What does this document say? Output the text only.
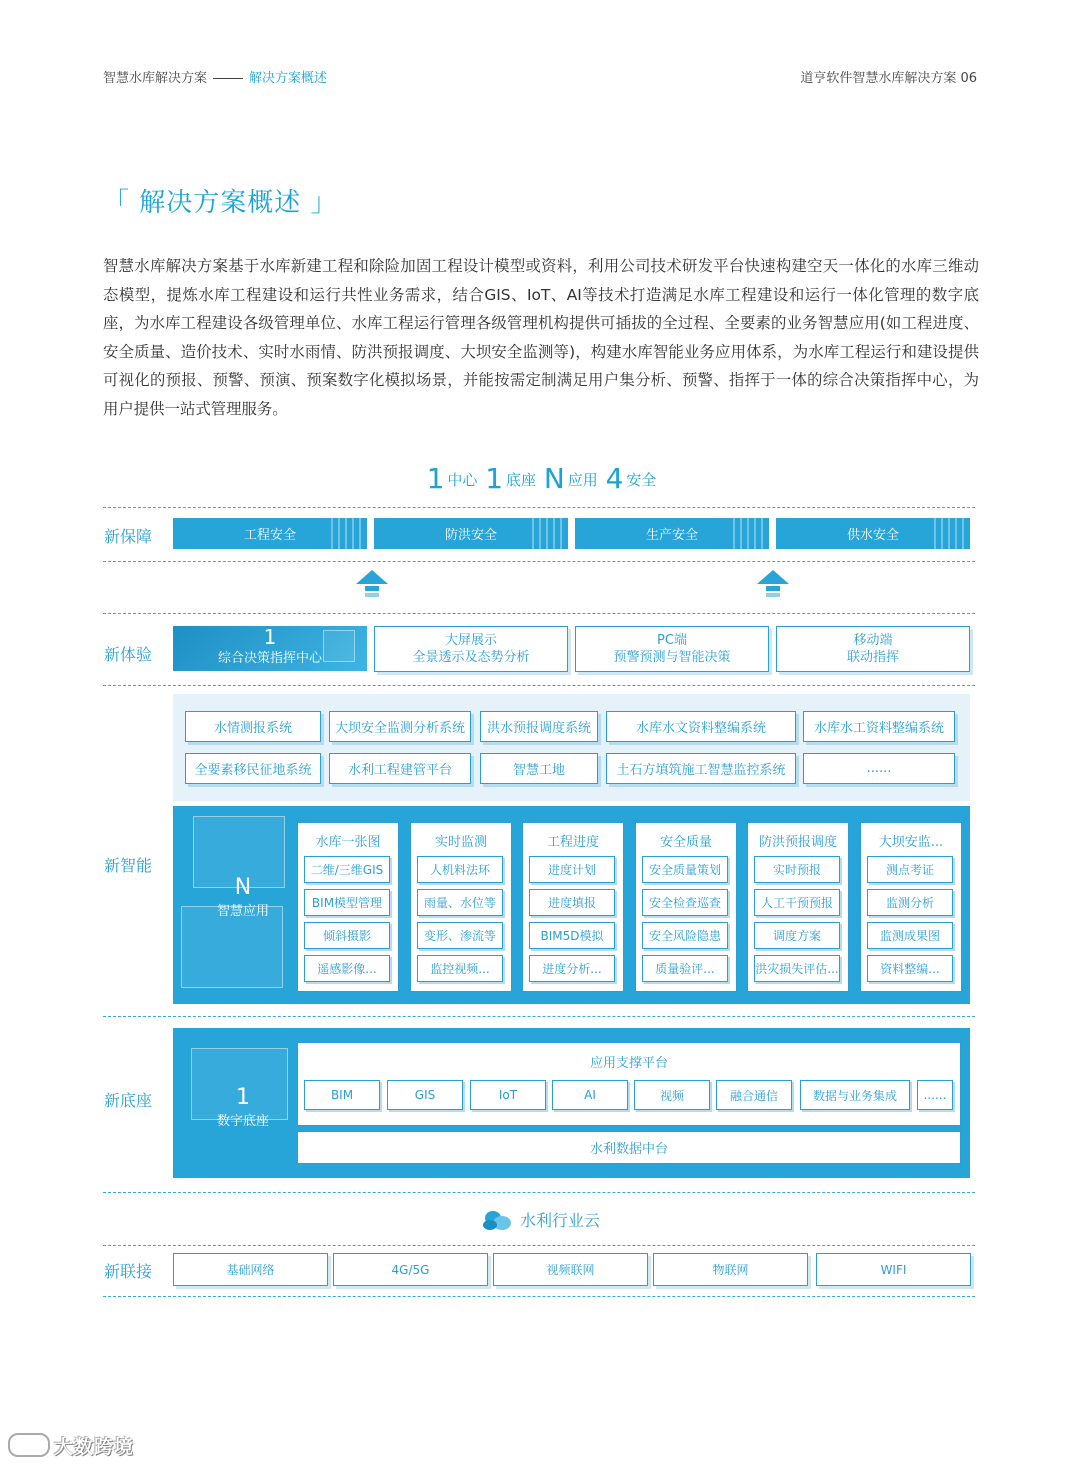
智慧水库解决方案	解决方案概述	道亨软件智慧水库解决方案 06
「 解决方案概述 」
智慧水库解决方案基于水库新建工程和除险加固工程设计模型或资料，利用公司技术研发平台快速构建空天一体化的水库三维动态模型，提炼水库工程建设和运行共性业务需求，结合GIS、IoT、AI等技术打造满足水库工程建设和运行一体化管理的数字底座，为水库工程建设各级管理单位、水库工程运行管理各级管理机构提供可插拔的全过程、全要素的业务智慧应用(如工程进度、安全质量、造价技术、实时水雨情、防洪预报调度、大坝安全监测等)，构建水库智能业务应用体系，为水库工程运行和建设提供可视化的预报、预警、预演、预案数字化模拟场景，并能按需定制满足用户集分析、预警、指挥于一体的综合决策指挥中心，为用户提供一站式管理服务。
1 中心 1 底座 N 应用 4 安全
新保障
新体验
新智能
新底座
新联接
工程安全	防洪安全	生产安全	供水安全
1
综合决策指挥中心
大屏展示
全景透示及态势分析
PC端
预警预测与智能决策
移动端
联动指挥
水情测报系统	大坝安全监测分析系统	洪水预报调度系统	水库水文资料整编系统	水库水工资料整编系统
全要素移民征地系统	水利工程建管平台	智慧工地	土石方填筑施工智慧监控系统	......
N
智慧应用
水库一张图
二维/三维GIS
BIM模型管理
倾斜摄影
遥感影像...
实时监测
人机料法环
雨量、水位等
变形、渗流等
监控视频...
工程进度
进度计划
进度填报
BIM5D模拟
进度分析...
安全质量
安全质量策划
安全检查巡查
安全风险隐患
质量验评...
防洪预报调度
实时预报
人工干预预报
调度方案
洪灾损失评估...
大坝安监...
测点考证
监测分析
监测成果图
资料整编...
1
数字底座
应用支撑平台
BIM	GIS	IoT	AI	视频	融合通信	数据与业务集成	......
水利数据中台
水利行业云
基础网络	4G/5G	视频联网	物联网	WIFI
大数跨境
